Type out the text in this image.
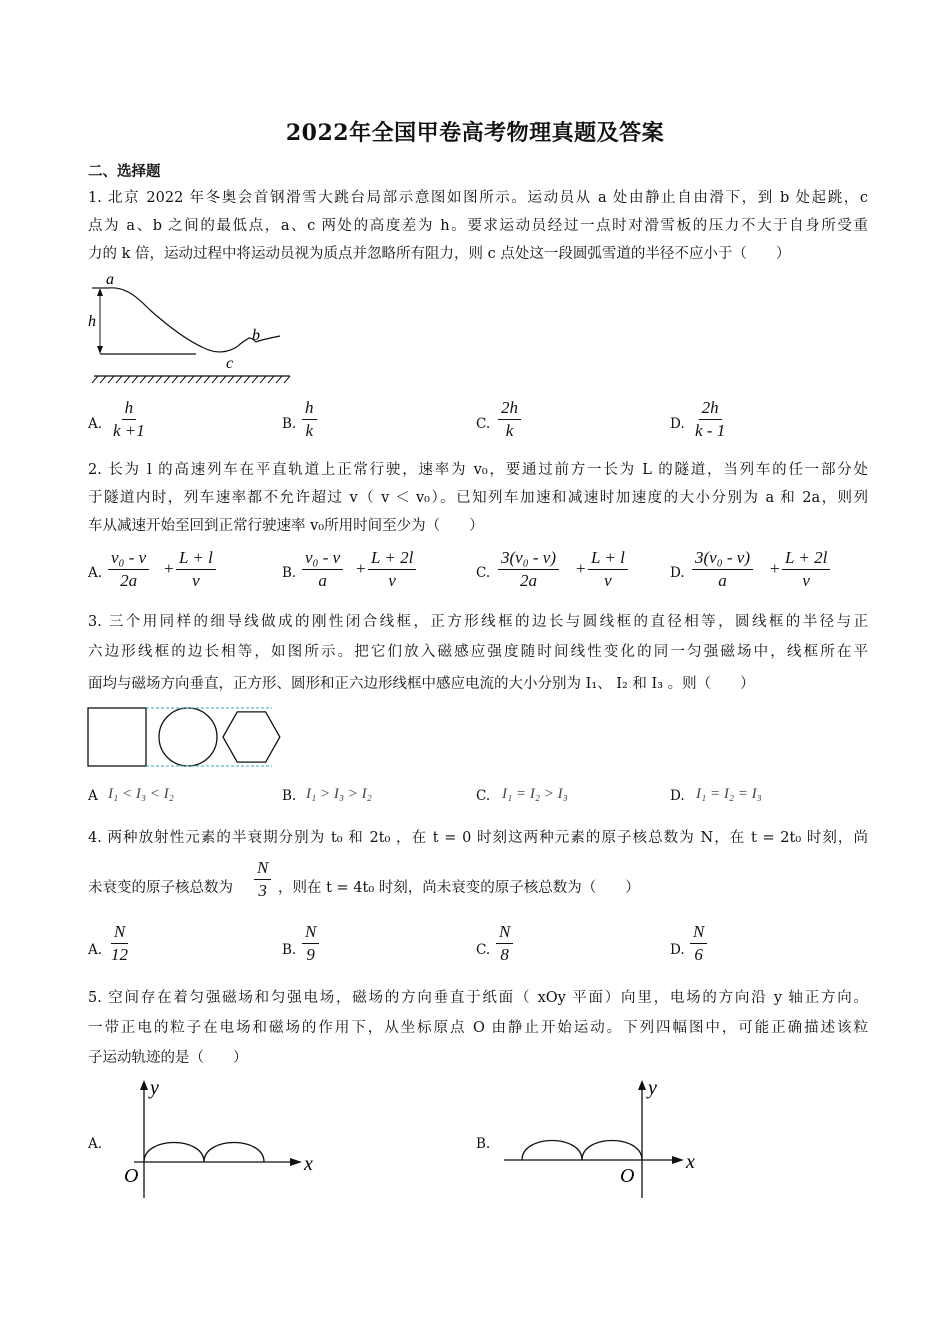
2022年全国甲卷高考物理真题及答案
二、选择题
1. 北京 2022 年冬奥会首钢滑雪大跳台局部示意图如图所示。运动员从 a 处由静止自由滑下，到 b 处起跳，c
点为 a、b 之间的最低点，a、c 两处的高度差为 h。要求运动员经过一点时对滑雪板的压力不大于自身所受重
力的 k 倍，运动过程中将运动员视为质点并忽略所有阻力，则 c 点处这一段圆弧雪道的半径不应小于（　　）
a
h
b
c
A. $\frac{h}{k +1}$	B. $\frac{h}{k}$	C. $\frac{2h}{k}$	D. $\frac{2h}{k - 1}$
2. 长为 l 的高速列车在平直轨道上正常行驶，速率为 v₀，要通过前方一长为 L 的隧道，当列车的任一部分处
于隧道内时，列车速率都不允许超过 v（ v ＜ v₀）。已知列车加速和减速时加速度的大小分别为 a 和 2a，则列
车从减速开始至回到正常行驶速率 v₀所用时间至少为（　　）
A. $\frac{\text{v₀ - v}}{2a} + \frac{L + l}{v}$	B. $\frac{\text{v₀ - v}}{a} + \frac{L + 2l}{v}$	C. $\frac{\text{3(v₀ - v)}}{2a} + \frac{L + l}{v}$	D. $\frac{\text{3(v₀ - v)}}{a} + \frac{L + 2l}{v}$
3. 三个用同样的细导线做成的刚性闭合线框，正方形线框的边长与圆线框的直径相等，圆线框的半径与正
六边形线框的边长相等，如图所示。把它们放入磁感应强度随时间线性变化的同一匀强磁场中，线框所在平
面均与磁场方向垂直，正方形、圆形和正六边形线框中感应电流的大小分别为 I₁、 I₂ 和 I₃ 。则（　　）
A I₁ < I₃ < I₂	B. I₁ > I₃ > I₂	C. I₁ = I₂ > I₃	D. I₁ = I₂ = I₃
4. 两种放射性元素的半衰期分别为 t₀ 和 2t₀ ，在 t = 0 时刻这两种元素的原子核总数为 N，在 t = 2t₀ 时刻，尚
未衰变的原子核总数为 $\frac{N}{3}$ ，则在 t = 4t₀ 时刻，尚未衰变的原子核总数为（　　）
A. $\frac{N}{12}$	B. $\frac{N}{9}$	C. $\frac{N}{8}$	D. $\frac{N}{6}$
5. 空间存在着匀强磁场和匀强电场，磁场的方向垂直于纸面（ xOy 平面）向里，电场的方向沿 y 轴正方向。
一带正电的粒子在电场和磁场的作用下，从坐标原点 O 由静止开始运动。下列四幅图中，可能正确描述该粒
子运动轨迹的是（　　）
A.
y
x
O
B.
y
x
O
